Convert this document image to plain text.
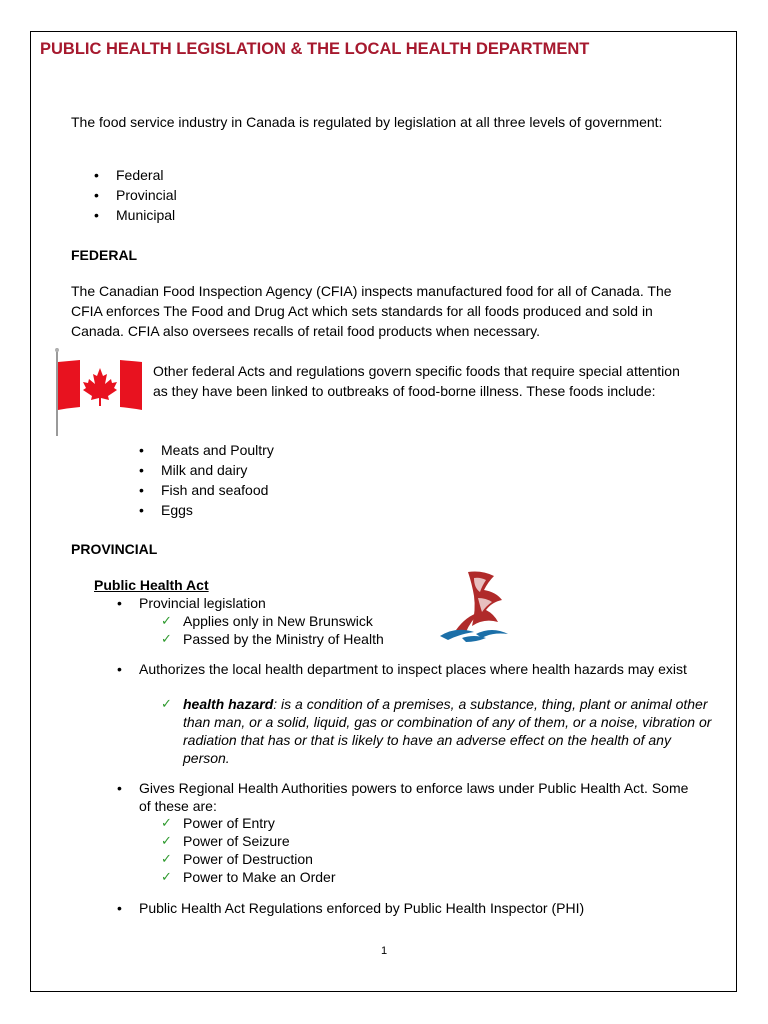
PUBLIC HEALTH LEGISLATION & THE LOCAL HEALTH DEPARTMENT

The food service industry in Canada is regulated by legislation at all three levels of government:

• Federal
• Provincial
• Municipal
FEDERAL

The Canadian Food Inspection Agency (CFIA) inspects manufactured food for all of Canada. The CFIA enforces The Food and Drug Act which sets standards for all foods produced and sold in Canada. CFIA also oversees recalls of retail food products when necessary.

Other federal Acts and regulations govern specific foods that require special attention as they have been linked to outbreaks of food-borne illness. These foods include:

• Meats and Poultry
• Milk and dairy
• Fish and seafood
• Eggs
PROVINCIAL
Public Health Act
• Provincial legislation
✓ Applies only in New Brunswick
✓ Passed by the Ministry of Health
• Authorizes the local health department to inspect places where health hazards may exist
✓ health hazard: is a condition of a premises, a substance, thing, plant or animal other than man, or a solid, liquid, gas or combination of any of them, or a noise, vibration or radiation that has or that is likely to have an adverse effect on the health of any person.
• Gives Regional Health Authorities powers to enforce laws under Public Health Act. Some of these are:
✓ Power of Entry
✓ Power of Seizure
✓ Power of Destruction
✓ Power to Make an Order
• Public Health Act Regulations enforced by Public Health Inspector (PHI)
1
